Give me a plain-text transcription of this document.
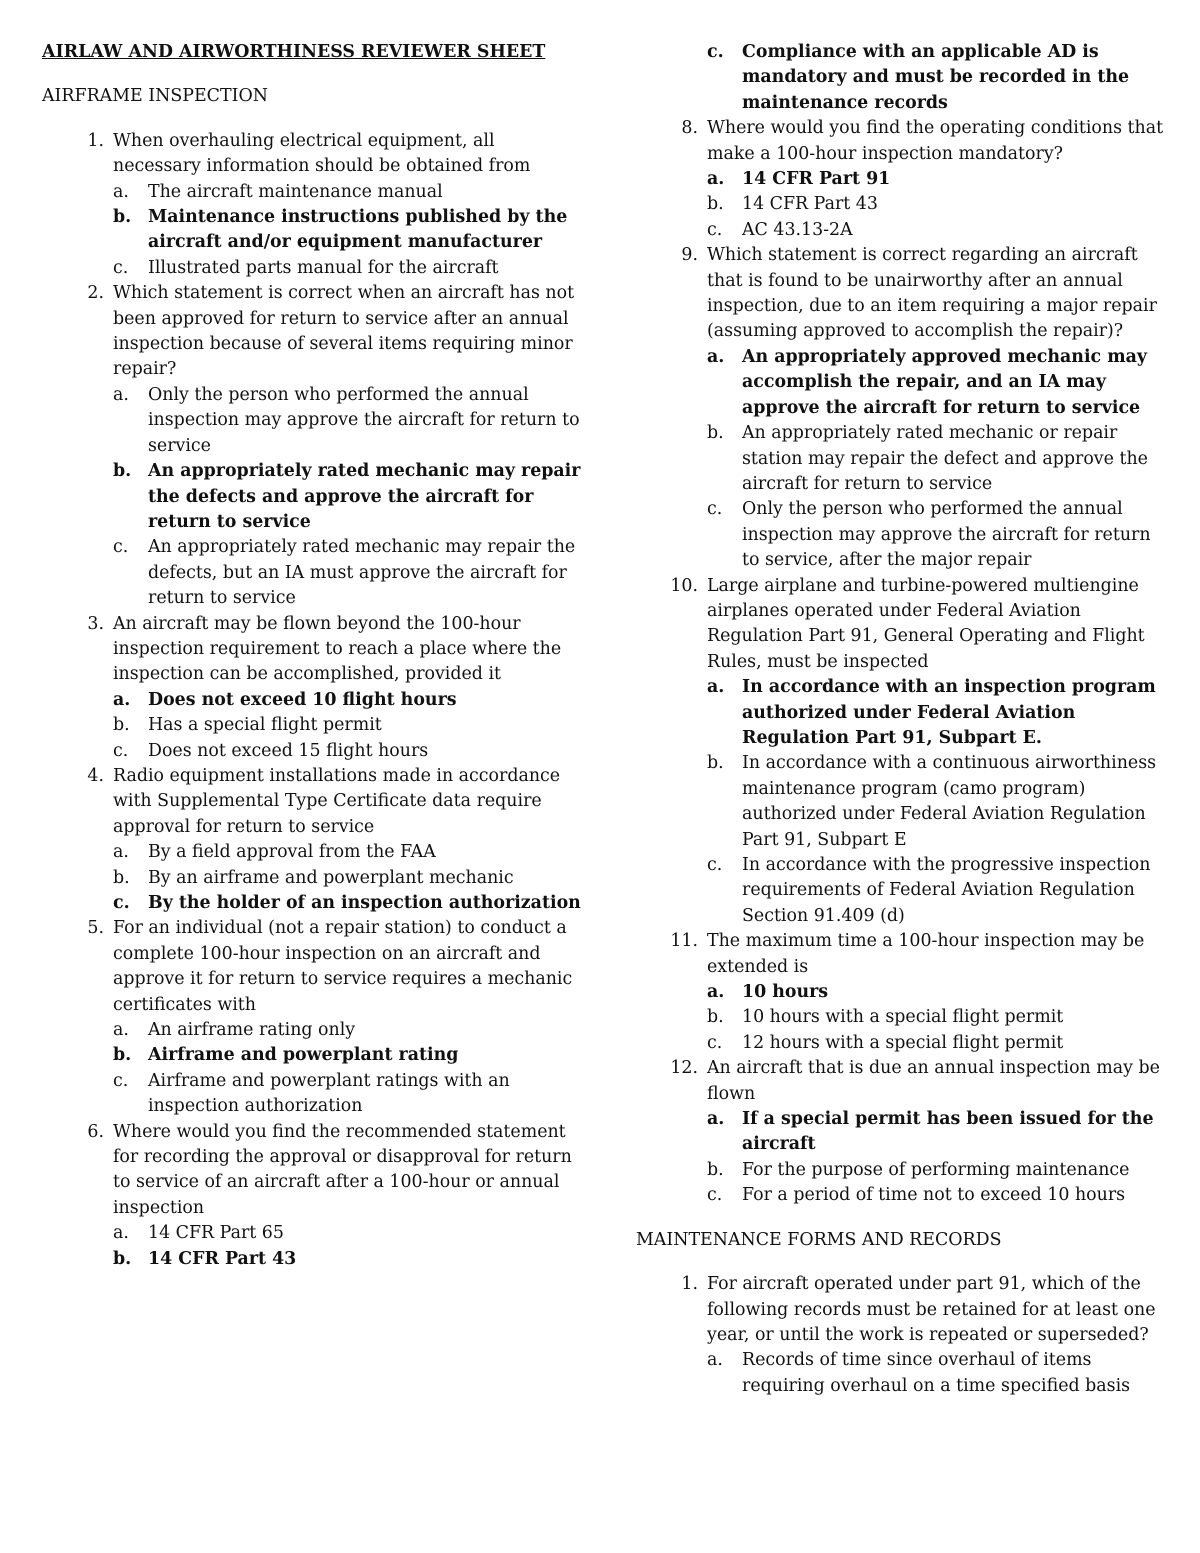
AIRLAW AND AIRWORTHINESS REVIEWER SHEET
AIRFRAME INSPECTION
1. When overhauling electrical equipment, all necessary information should be obtained from
a. The aircraft maintenance manual
b. Maintenance instructions published by the aircraft and/or equipment manufacturer
c. Illustrated parts manual for the aircraft
2. Which statement is correct when an aircraft has not been approved for return to service after an annual inspection because of several items requiring minor repair?
a. Only the person who performed the annual inspection may approve the aircraft for return to service
b. An appropriately rated mechanic may repair the defects and approve the aircraft for return to service
c. An appropriately rated mechanic may repair the defects, but an IA must approve the aircraft for return to service
3. An aircraft may be flown beyond the 100-hour inspection requirement to reach a place where the inspection can be accomplished, provided it
a. Does not exceed 10 flight hours
b. Has a special flight permit
c. Does not exceed 15 flight hours
4. Radio equipment installations made in accordance with Supplemental Type Certificate data require approval for return to service
a. By a field approval from the FAA
b. By an airframe and powerplant mechanic
c. By the holder of an inspection authorization
5. For an individual (not a repair station) to conduct a complete 100-hour inspection on an aircraft and approve it for return to service requires a mechanic certificates with
a. An airframe rating only
b. Airframe and powerplant rating
c. Airframe and powerplant ratings with an inspection authorization
6. Where would you find the recommended statement for recording the approval or disapproval for return to service of an aircraft after a 100-hour or annual inspection
a. 14 CFR Part 65
b. 14 CFR Part 43
c. Compliance with an applicable AD is mandatory and must be recorded in the maintenance records
8. Where would you find the operating conditions that make a 100-hour inspection mandatory?
a. 14 CFR Part 91
b. 14 CFR Part 43
c. AC 43.13-2A
9. Which statement is correct regarding an aircraft that is found to be unairworthy after an annual inspection, due to an item requiring a major repair (assuming approved to accomplish the repair)?
a. An appropriately approved mechanic may accomplish the repair, and an IA may approve the aircraft for return to service
b. An appropriately rated mechanic or repair station may repair the defect and approve the aircraft for return to service
c. Only the person who performed the annual inspection may approve the aircraft for return to service, after the major repair
10. Large airplane and turbine-powered multiengine airplanes operated under Federal Aviation Regulation Part 91, General Operating and Flight Rules, must be inspected
a. In accordance with an inspection program authorized under Federal Aviation Regulation Part 91, Subpart E.
b. In accordance with a continuous airworthiness maintenance program (camo program) authorized under Federal Aviation Regulation Part 91, Subpart E
c. In accordance with the progressive inspection requirements of Federal Aviation Regulation Section 91.409 (d)
11. The maximum time a 100-hour inspection may be extended is
a. 10 hours
b. 10 hours with a special flight permit
c. 12 hours with a special flight permit
12. An aircraft that is due an annual inspection may be flown
a. If a special permit has been issued for the aircraft
b. For the purpose of performing maintenance
c. For a period of time not to exceed 10 hours
MAINTENANCE FORMS AND RECORDS
1. For aircraft operated under part 91, which of the following records must be retained for at least one year, or until the work is repeated or superseded?
a. Records of time since overhaul of items requiring overhaul on a time specified basis
